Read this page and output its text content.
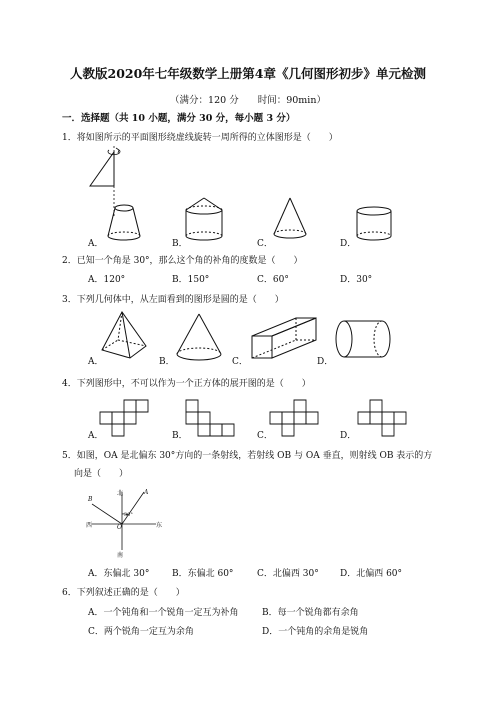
人教版2020年七年级数学上册第4章《几何图形初步》单元检测
（满分：120 分　　时间：90min）
一．选择题（共 10 小题，满分 30 分，每小题 3 分）
1．将如图所示的平面图形绕虚线旋转一周所得的立体图形是（　　）
A．	B．	C．	D．
2．已知一个角是 30°，那么这个角的补角的度数是（　　）
A．120°	B．150°	C．60°	D．30°
3．下列几何体中，从左面看到的图形是圆的是（　　）
A．	B．	C．	D．
4．下列图形中，不可以作为一个正方体的展开图的是（　　）
A．	B．	C．	D．
5．如图，OA 是北偏东 30°方向的一条射线，若射线 OB 与 OA 垂直，则射线 OB 表示的方
向是（　　）
北
南
东
西
A
B
O
30°
A．东偏北 30°	B．东偏北 60°	C．北偏西 30° D．北偏西 60°
6．下列叙述正确的是（　　）
A．一个钝角和一个锐角一定互为补角	B．每一个锐角都有余角
C．两个锐角一定互为余角	D．一个钝角的余角是锐角
